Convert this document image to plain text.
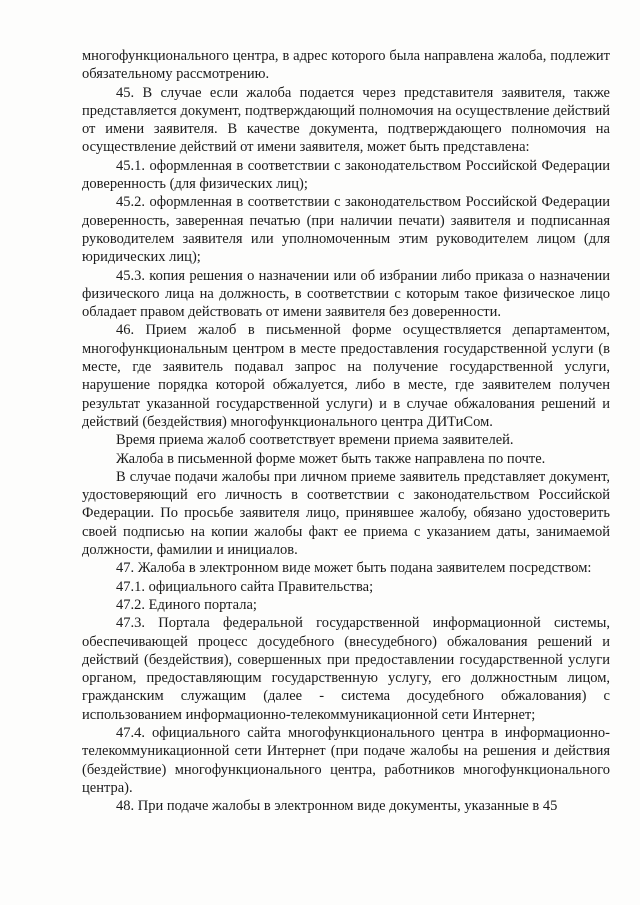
многофункционального центра, в адрес которого была направлена жалоба, подлежит обязательному рассмотрению.

45. В случае если жалоба подается через представителя заявителя, также представляется документ, подтверждающий полномочия на осуществление действий от имени заявителя. В качестве документа, подтверждающего полномочия на осуществление действий от имени заявителя, может быть представлена:

45.1. оформленная в соответствии с законодательством Российской Федерации доверенность (для физических лиц);

45.2. оформленная в соответствии с законодательством Российской Федерации доверенность, заверенная печатью (при наличии печати) заявителя и подписанная руководителем заявителя или уполномоченным этим руководителем лицом (для юридических лиц);

45.3. копия решения о назначении или об избрании либо приказа о назначении физического лица на должность, в соответствии с которым такое физическое лицо обладает правом действовать от имени заявителя без доверенности.

46. Прием жалоб в письменной форме осуществляется департаментом, многофункциональным центром в месте предоставления государственной услуги (в месте, где заявитель подавал запрос на получение государственной услуги, нарушение порядка которой обжалуется, либо в месте, где заявителем получен результат указанной государственной услуги) и в случае обжалования решений и действий (бездействия) многофункционального центра ДИТиСом.

Время приема жалоб соответствует времени приема заявителей.

Жалоба в письменной форме может быть также направлена по почте.

В случае подачи жалобы при личном приеме заявитель представляет документ, удостоверяющий его личность в соответствии с законодательством Российской Федерации. По просьбе заявителя лицо, принявшее жалобу, обязано удостоверить своей подписью на копии жалобы факт ее приема с указанием даты, занимаемой должности, фамилии и инициалов.

47. Жалоба в электронном виде может быть подана заявителем посредством:

47.1. официального сайта Правительства;

47.2. Единого портала;

47.3. Портала федеральной государственной информационной системы, обеспечивающей процесс досудебного (внесудебного) обжалования решений и действий (бездействия), совершенных при предоставлении государственной услуги органом, предоставляющим государственную услугу, его должностным лицом, гражданским служащим (далее - система досудебного обжалования) с использованием информационно-телекоммуникационной сети Интернет;

47.4. официального сайта многофункционального центра в информационно-телекоммуникационной сети Интернет (при подаче жалобы на решения и действия (бездействие) многофункционального центра, работников многофункционального центра).

48. При подаче жалобы в электронном виде документы, указанные в 45
